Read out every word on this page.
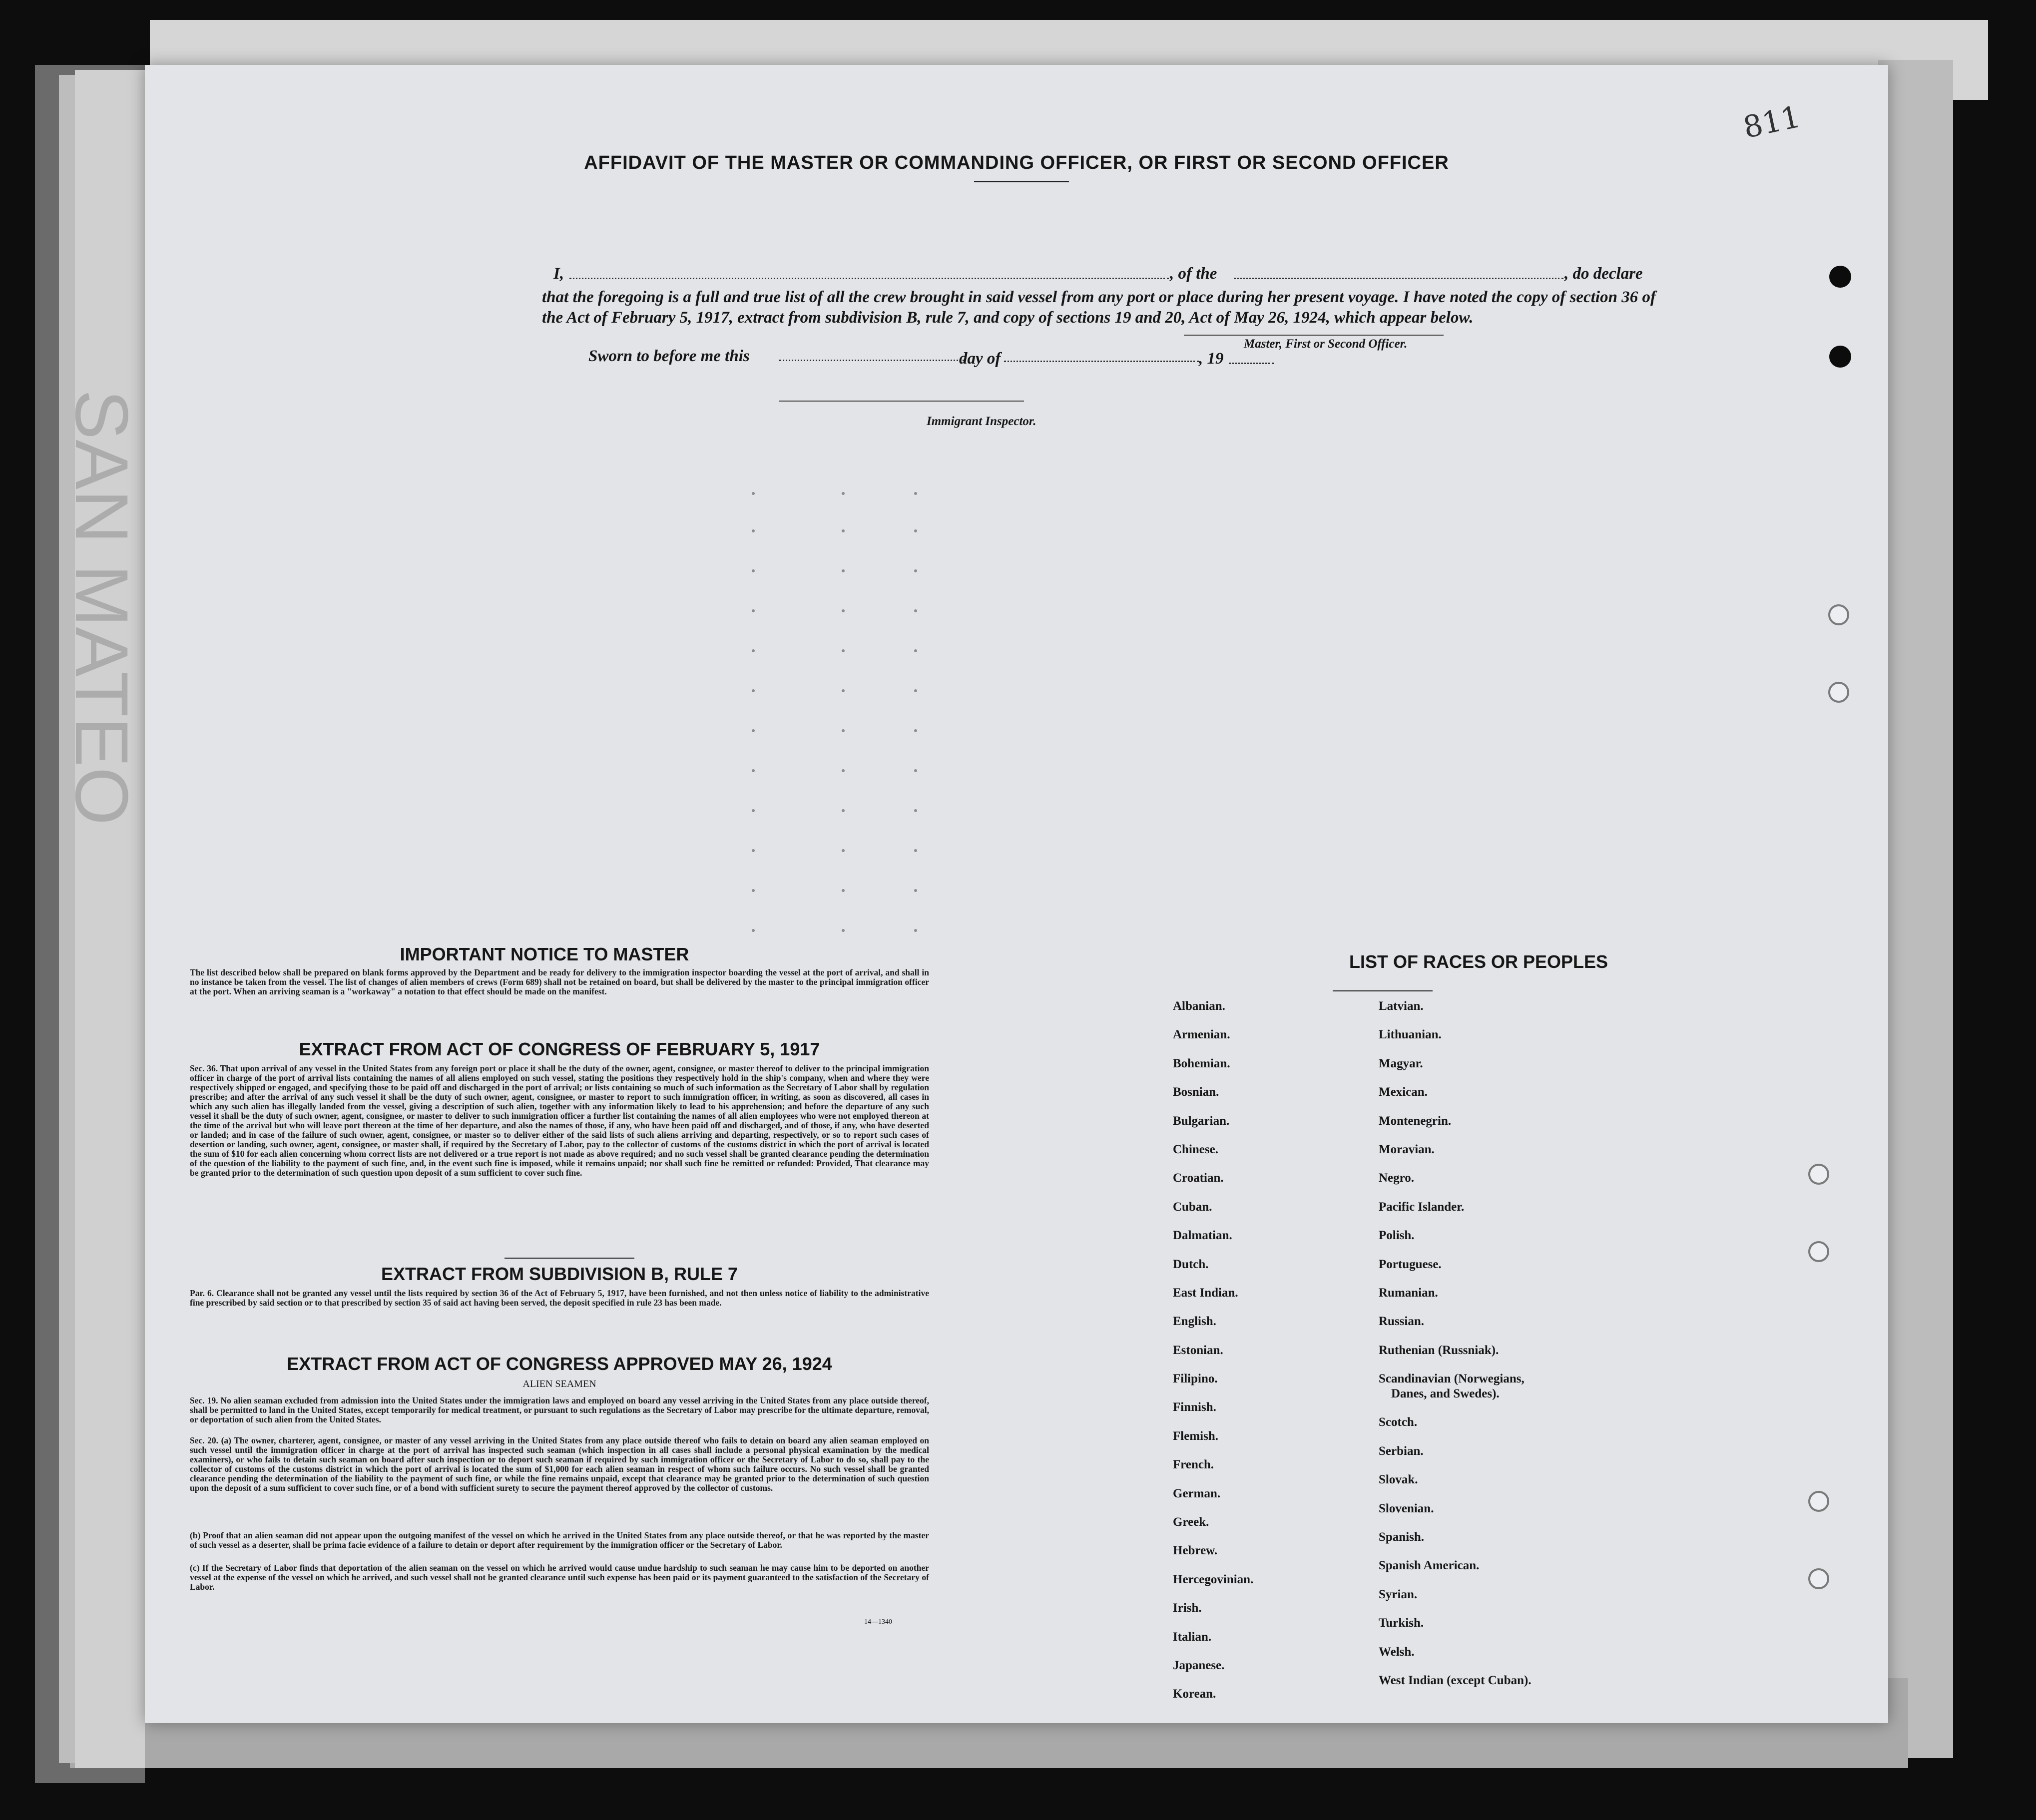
SAN MATEO
AFFIDAVIT OF THE MASTER OR COMMANDING OFFICER, OR FIRST OR SECOND OFFICER
I,	, of the	, do declare
that the foregoing is a full and true list of all the crew brought in said vessel from any port or place during her present voyage. I have noted the copy of section 36 of the Act of February 5, 1917, extract from subdivision B, rule 7, and copy of sections 19 and 20, Act of May 26, 1924, which appear below.
Master, First or Second Officer.
Sworn to before me this	day of	, 19
Immigrant Inspector.
IMPORTANT NOTICE TO MASTER
The list described below shall be prepared on blank forms approved by the Department and be ready for delivery to the immigration inspector boarding the vessel at the port of arrival, and shall in no instance be taken from the vessel. The list of changes of alien members of crews (Form 689) shall not be retained on board, but shall be delivered by the master to the principal immigration officer at the port. When an arriving seaman is a "workaway" a notation to that effect should be made on the manifest.
EXTRACT FROM ACT OF CONGRESS OF FEBRUARY 5, 1917
Sec. 36. That upon arrival of any vessel in the United States from any foreign port or place it shall be the duty of the owner, agent, consignee, or master thereof to deliver to the principal immigration officer in charge of the port of arrival lists containing the names of all aliens employed on such vessel, stating the positions they respectively hold in the ship's company, when and where they were respectively shipped or engaged, and specifying those to be paid off and discharged in the port of arrival; or lists containing so much of such information as the Secretary of Labor shall by regulation prescribe; and after the arrival of any such vessel it shall be the duty of such owner, agent, consignee, or master to report to such immigration officer, in writing, as soon as discovered, all cases in which any such alien has illegally landed from the vessel, giving a description of such alien, together with any information likely to lead to his apprehension; and before the departure of any such vessel it shall be the duty of such owner, agent, consignee, or master to deliver to such immigration officer a further list containing the names of all alien employees who were not employed thereon at the time of the arrival but who will leave port thereon at the time of her departure, and also the names of those, if any, who have been paid off and discharged, and of those, if any, who have deserted or landed; and in case of the failure of such owner, agent, consignee, or master so to deliver either of the said lists of such aliens arriving and departing, respectively, or so to report such cases of desertion or landing, such owner, agent, consignee, or master shall, if required by the Secretary of Labor, pay to the collector of customs of the customs district in which the port of arrival is located the sum of $10 for each alien concerning whom correct lists are not delivered or a true report is not made as above required; and no such vessel shall be granted clearance pending the determination of the question of the liability to the payment of such fine, and, in the event such fine is imposed, while it remains unpaid; nor shall such fine be remitted or refunded: Provided, That clearance may be granted prior to the determination of such question upon deposit of a sum sufficient to cover such fine.
EXTRACT FROM SUBDIVISION B, RULE 7
Par. 6. Clearance shall not be granted any vessel until the lists required by section 36 of the Act of February 5, 1917, have been furnished, and not then unless notice of liability to the administrative fine prescribed by said section or to that prescribed by section 35 of said act having been served, the deposit specified in rule 23 has been made.
EXTRACT FROM ACT OF CONGRESS APPROVED MAY 26, 1924
ALIEN SEAMEN
Sec. 19. No alien seaman excluded from admission into the United States under the immigration laws and employed on board any vessel arriving in the United States from any place outside thereof, shall be permitted to land in the United States, except temporarily for medical treatment, or pursuant to such regulations as the Secretary of Labor may prescribe for the ultimate departure, removal, or deportation of such alien from the United States.
Sec. 20. (a) The owner, charterer, agent, consignee, or master of any vessel arriving in the United States from any place outside thereof who fails to detain on board any alien seaman employed on such vessel until the immigration officer in charge at the port of arrival has inspected such seaman (which inspection in all cases shall include a personal physical examination by the medical examiners), or who fails to detain such seaman on board after such inspection or to deport such seaman if required by such immigration officer or the Secretary of Labor to do so, shall pay to the collector of customs of the customs district in which the port of arrival is located the sum of $1,000 for each alien seaman in respect of whom such failure occurs. No such vessel shall be granted clearance pending the determination of the liability to the payment of such fine, or while the fine remains unpaid, except that clearance may be granted prior to the determination of such question upon the deposit of a sum sufficient to cover such fine, or of a bond with sufficient surety to secure the payment thereof approved by the collector of customs.
(b) Proof that an alien seaman did not appear upon the outgoing manifest of the vessel on which he arrived in the United States from any place outside thereof, or that he was reported by the master of such vessel as a deserter, shall be prima facie evidence of a failure to detain or deport after requirement by the immigration officer or the Secretary of Labor.
(c) If the Secretary of Labor finds that deportation of the alien seaman on the vessel on which he arrived would cause undue hardship to such seaman he may cause him to be deported on another vessel at the expense of the vessel on which he arrived, and such vessel shall not be granted clearance until such expense has been paid or its payment guaranteed to the satisfaction of the Secretary of Labor.
14—1340
LIST OF RACES OR PEOPLES
Albanian.
Armenian.
Bohemian.
Bosnian.
Bulgarian.
Chinese.
Croatian.
Cuban.
Dalmatian.
Dutch.
East Indian.
English.
Estonian.
Filipino.
Finnish.
Flemish.
French.
German.
Greek.
Hebrew.
Hercegovinian.
Irish.
Italian.
Japanese.
Korean.
Latvian.
Lithuanian.
Magyar.
Mexican.
Montenegrin.
Moravian.
Negro.
Pacific Islander.
Polish.
Portuguese.
Rumanian.
Russian.
Ruthenian (Russniak).
Scandinavian (Norwegians,
Danes, and Swedes).
Scotch.
Serbian.
Slovak.
Slovenian.
Spanish.
Spanish American.
Syrian.
Turkish.
Welsh.
West Indian (except Cuban).
811
